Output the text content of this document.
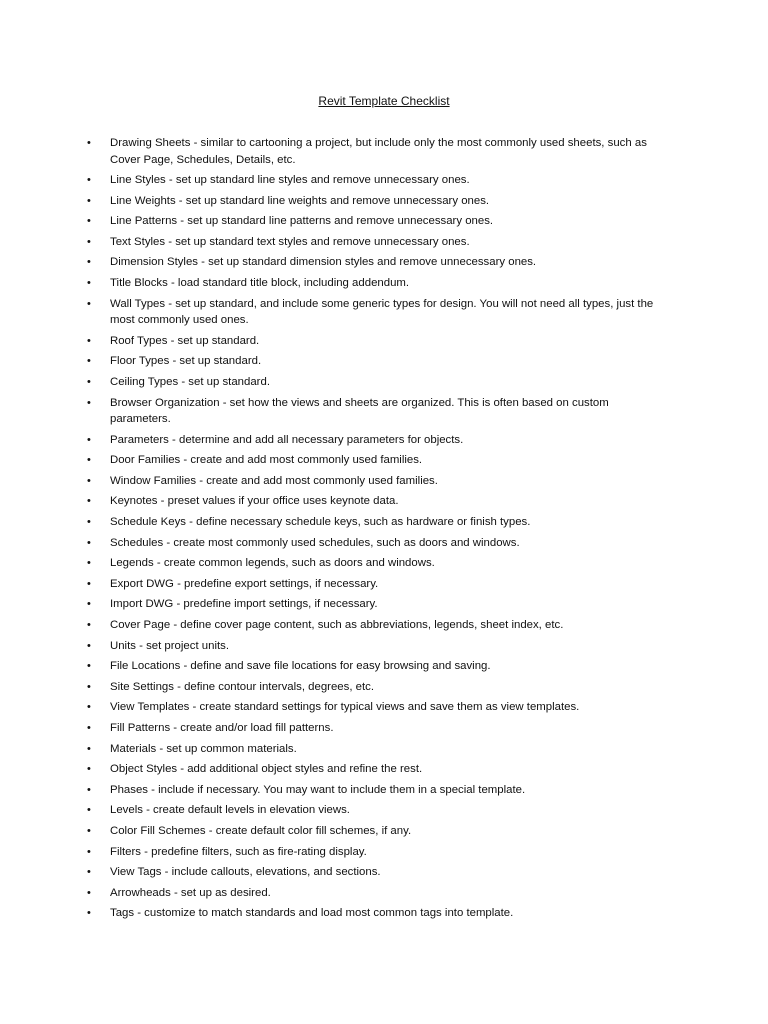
Revit Template Checklist
• Drawing Sheets - similar to cartooning a project, but include only the most commonly used sheets, such as Cover Page, Schedules, Details, etc.
• Line Styles - set up standard line styles and remove unnecessary ones.
• Line Weights - set up standard line weights and remove unnecessary ones.
• Line Patterns - set up standard line patterns and remove unnecessary ones.
• Text Styles - set up standard text styles and remove unnecessary ones.
• Dimension Styles - set up standard dimension styles and remove unnecessary ones.
• Title Blocks - load standard title block, including addendum.
• Wall Types - set up standard, and include some generic types for design. You will not need all types, just the most commonly used ones.
• Roof Types - set up standard.
• Floor Types - set up standard.
• Ceiling Types - set up standard.
• Browser Organization - set how the views and sheets are organized. This is often based on custom parameters.
• Parameters - determine and add all necessary parameters for objects.
• Door Families - create and add most commonly used families.
• Window Families - create and add most commonly used families.
• Keynotes - preset values if your office uses keynote data.
• Schedule Keys - define necessary schedule keys, such as hardware or finish types.
• Schedules - create most commonly used schedules, such as doors and windows.
• Legends - create common legends, such as doors and windows.
• Export DWG - predefine export settings, if necessary.
• Import DWG - predefine import settings, if necessary.
• Cover Page - define cover page content, such as abbreviations, legends, sheet index, etc.
• Units - set project units.
• File Locations - define and save file locations for easy browsing and saving.
• Site Settings - define contour intervals, degrees, etc.
• View Templates - create standard settings for typical views and save them as view templates.
• Fill Patterns - create and/or load fill patterns.
• Materials - set up common materials.
• Object Styles - add additional object styles and refine the rest.
• Phases - include if necessary. You may want to include them in a special template.
• Levels - create default levels in elevation views.
• Color Fill Schemes - create default color fill schemes, if any.
• Filters - predefine filters, such as fire-rating display.
• View Tags - include callouts, elevations, and sections.
• Arrowheads - set up as desired.
• Tags - customize to match standards and load most common tags into template.
